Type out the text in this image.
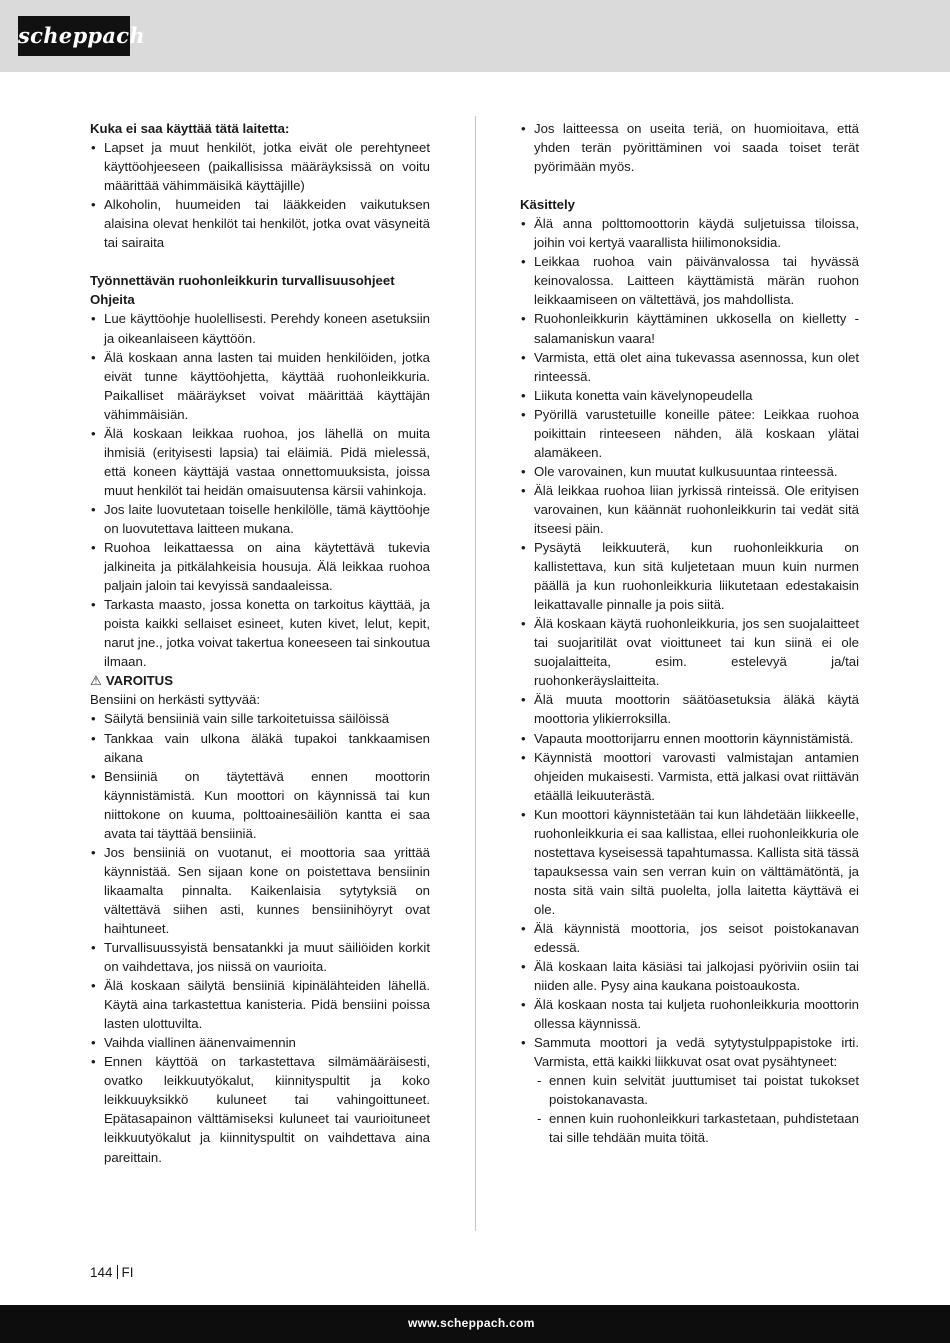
scheppach
Kuka ei saa käyttää tätä laitetta:
• Lapset ja muut henkilöt, jotka eivät ole perehtyneet käyttöohjeeseen (paikallisissa määräyksissä on voitu määrittää vähimmäisikä käyttäjille)
• Alkoholin, huumeiden tai lääkkeiden vaikutuksen alaisina olevat henkilöt tai henkilöt, jotka ovat väsyneitä tai sairaita
Työnnettävän ruohonleikkurin turvallisuusohjeet
Ohjeita
• Lue käyttöohje huolellisesti. Perehdy koneen asetuksiin ja oikeanlaiseen käyttöön.
• Älä koskaan anna lasten tai muiden henkilöiden, jotka eivät tunne käyttöohjetta, käyttää ruohonleikkuria. Paikalliset määräykset voivat määrittää käyttäjän vähimmäisiän.
• Älä koskaan leikkaa ruohoa, jos lähellä on muita ihmisiä (erityisesti lapsia) tai eläimiä. Pidä mielessä, että koneen käyttäjä vastaa onnettomuuksista, joissa muut henkilöt tai heidän omaisuutensa kärsii vahinkoja.
• Jos laite luovutetaan toiselle henkilölle, tämä käyttöohje on luovutettava laitteen mukana.
• Ruohoa leikattaessa on aina käytettävä tukevia jalkineita ja pitkälahkeisia housuja. Älä leikkaa ruohoa paljain jaloin tai kevyissä sandaaleissa.
• Tarkasta maasto, jossa konetta on tarkoitus käyttää, ja poista kaikki sellaiset esineet, kuten kivet, lelut, kepit, narut jne., jotka voivat takertua koneeseen tai sinkoutua ilmaan.
⚠ VAROITUS
Bensiini on herkästi syttyvää:
• Säilytä bensiiniä vain sille tarkoitetuissa säilöissä
• Tankkaa vain ulkona äläkä tupakoi tankkaamisen aikana
• Bensiiniä on täytettävä ennen moottorin käynnistämistä. Kun moottori on käynnissä tai kun niittokone on kuuma, polttoainesäiliön kantta ei saa avata tai täyttää bensiiniä.
• Jos bensiiniä on vuotanut, ei moottoria saa yrittää käynnistää. Sen sijaan kone on poistettava bensiinin likaamalta pinnalta. Kaikenlaisia sytytyksiä on vältettävä siihen asti, kunnes bensiinihöyryt ovat haihtuneet.
• Turvallisuussyistä bensatankki ja muut säiliöiden korkit on vaihdettava, jos niissä on vaurioita.
• Älä koskaan säilytä bensiiniä kipinälähteiden lähellä. Käytä aina tarkastettua kanisteria. Pidä bensiini poissa lasten ulottuvilta.
• Vaihda viallinen äänenvaimennin
• Ennen käyttöä on tarkastettava silmämääräisesti, ovatko leikkuutyökalut, kiinnityspultit ja koko leikkuuyksikkö kuluneet tai vahingoittuneet. Epätasapainon välttämiseksi kuluneet tai vaurioituneet leikkuutyökalut ja kiinnityspultit on vaihdettava aina pareittain.
• Jos laitteessa on useita teriä, on huomioitava, että yhden terän pyörittäminen voi saada toiset terät pyörimään myös.
Käsittely
• Älä anna polttomoottorin käydä suljetuissa tiloissa, joihin voi kertyä vaarallista hiilimonoksidia.
• Leikkaa ruohoa vain päivänvalossa tai hyvässä keinovalossa. Laitteen käyttämistä märän ruohon leikkaamiseen on vältettävä, jos mahdollista.
• Ruohonleikkurin käyttäminen ukkosella on kielletty - salamaniskun vaara!
• Varmista, että olet aina tukevassa asennossa, kun olet rinteessä.
• Liikuta konetta vain kävelynopeudella
• Pyörillä varustetuille koneille pätee: Leikkaa ruohoa poikittain rinteeseen nähden, älä koskaan ylätai alamäkeen.
• Ole varovainen, kun muutat kulkusuuntaa rinteessä.
• Älä leikkaa ruohoa liian jyrkissä rinteissä. Ole erityisen varovainen, kun käännät ruohonleikkurin tai vedät sitä itseesi päin.
• Pysäytä leikkuuterä, kun ruohonleikkuria on kallistettava, kun sitä kuljetetaan muun kuin nurmen päällä ja kun ruohonleikkuria liikutetaan edestakaisin leikattavalle pinnalle ja pois siitä.
• Älä koskaan käytä ruohonleikkuria, jos sen suojalaitteet tai suojaritilät ovat vioittuneet tai kun siinä ei ole suojalaitteita, esim. estelevyä ja/tai ruohonkeräyslaitteita.
• Älä muuta moottorin säätöasetuksia äläkä käytä moottoria ylikierroksilla.
• Vapauta moottorijarru ennen moottorin käynnistämistä.
• Käynnistä moottori varovasti valmistajan antamien ohjeiden mukaisesti. Varmista, että jalkasi ovat riittävän etäällä leikuuterästä.
• Kun moottori käynnistetään tai kun lähdetään liikkeelle, ruohonleikkuria ei saa kallistaa, ellei ruohonleikkuria ole nostettava kyseisessä tapahtumassa. Kallista sitä tässä tapauksessa vain sen verran kuin on välttämätöntä, ja nosta sitä vain siltä puolelta, jolla laitetta käyttävä ei ole.
• Älä käynnistä moottoria, jos seisot poistokanavan edessä.
• Älä koskaan laita käsiäsi tai jalkojasi pyöriviin osiin tai niiden alle. Pysy aina kaukana poistoaukosta.
• Älä koskaan nosta tai kuljeta ruohonleikkuria moottorin ollessa käynnissä.
• Sammuta moottori ja vedä sytytystulppapistoke irti. Varmista, että kaikki liikkuvat osat ovat pysähtyneet:
- ennen kuin selvität juuttumiset tai poistat tukokset poistokanavasta.
- ennen kuin ruohonleikkuri tarkastetaan, puhdistetaan tai sille tehdään muita töitä.
144 FI
www.scheppach.com
